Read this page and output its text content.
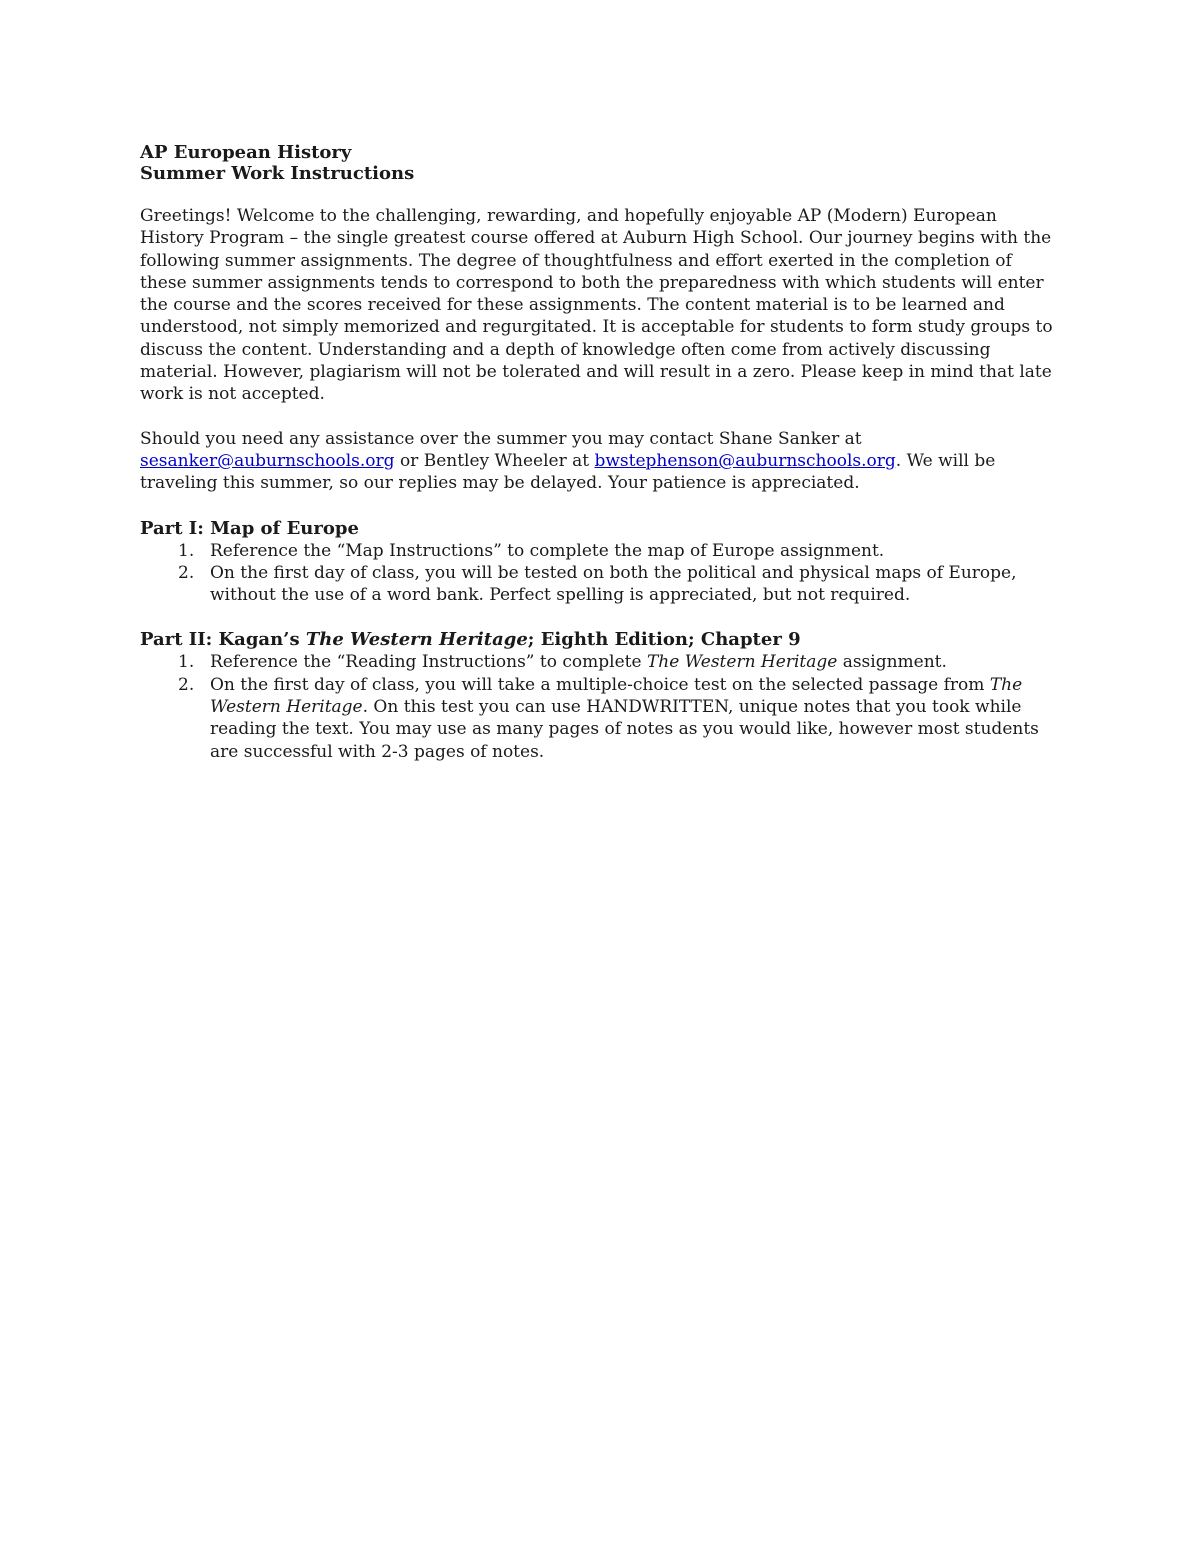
AP European History

Summer Work Instructions

Greetings! Welcome to the challenging, rewarding, and hopefully enjoyable AP (Modern) European History Program – the single greatest course offered at Auburn High School. Our journey begins with the following summer assignments. The degree of thoughtfulness and effort exerted in the completion of these summer assignments tends to correspond to both the preparedness with which students will enter the course and the scores received for these assignments. The content material is to be learned and understood, not simply memorized and regurgitated. It is acceptable for students to form study groups to discuss the content. Understanding and a depth of knowledge often come from actively discussing material. However, plagiarism will not be tolerated and will result in a zero. Please keep in mind that late work is not accepted.

Should you need any assistance over the summer you may contact Shane Sanker at sesanker@auburnschools.org or Bentley Wheeler at bwstephenson@auburnschools.org. We will be traveling this summer, so our replies may be delayed. Your patience is appreciated.

Part I: Map of Europe

1. Reference the “Map Instructions” to complete the map of Europe assignment.
2. On the first day of class, you will be tested on both the political and physical maps of Europe, without the use of a word bank. Perfect spelling is appreciated, but not required.

Part II: Kagan’s The Western Heritage; Eighth Edition; Chapter 9

1. Reference the “Reading Instructions” to complete The Western Heritage assignment.
2. On the first day of class, you will take a multiple-choice test on the selected passage from The Western Heritage. On this test you can use HANDWRITTEN, unique notes that you took while reading the text. You may use as many pages of notes as you would like, however most students are successful with 2-3 pages of notes.
